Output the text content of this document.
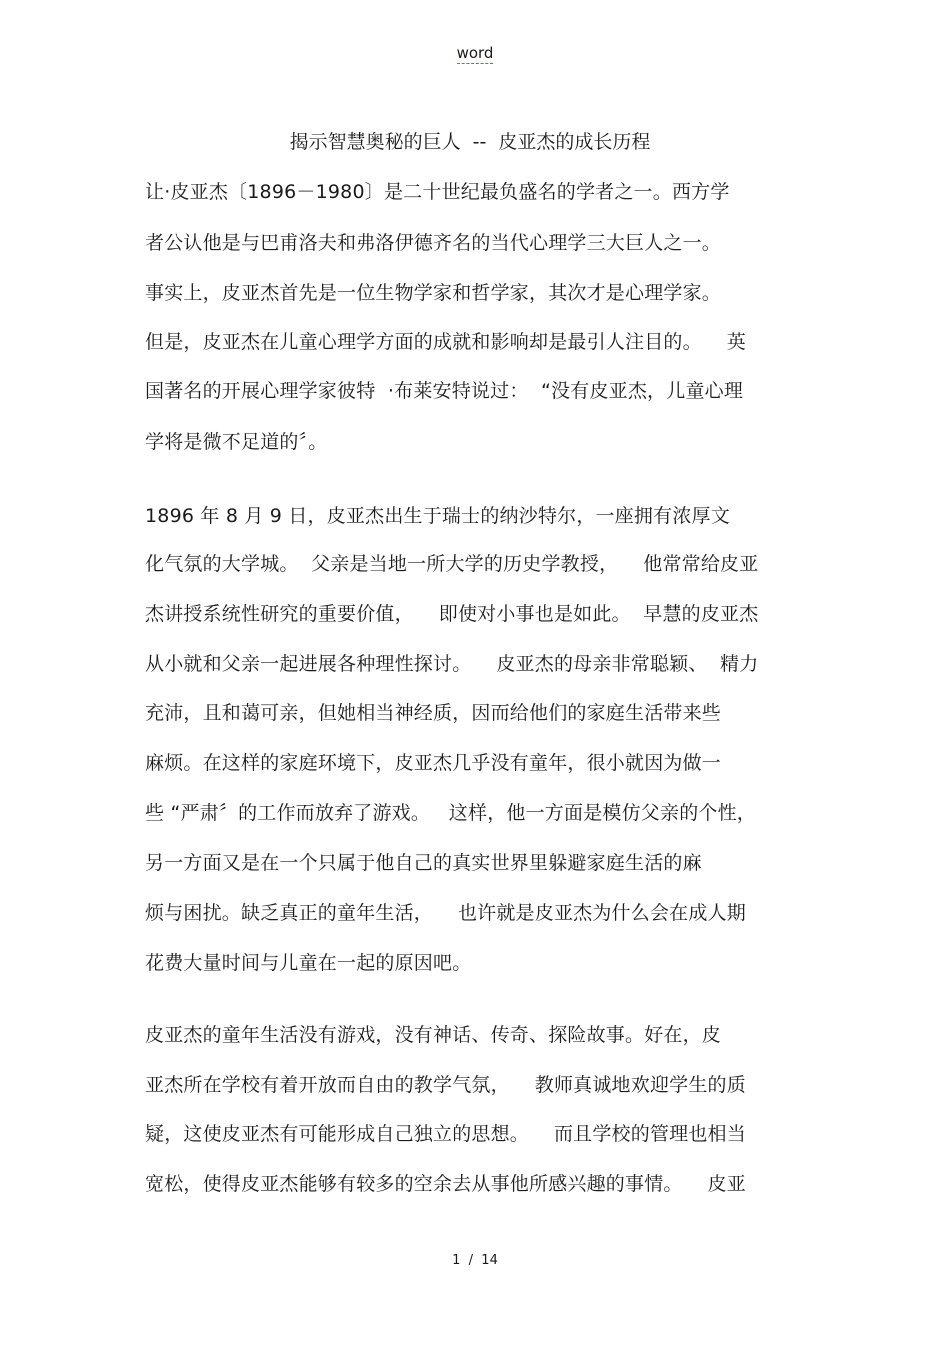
word
揭示智慧奥秘的巨人  --  皮亚杰的成长历程
让·皮亚杰〔1896－1980〕是二十世纪最负盛名的学者之一。西方学
者公认他是与巴甫洛夫和弗洛伊德齐名的当代心理学三大巨人之一。
事实上，皮亚杰首先是一位生物学家和哲学家，其次才是心理学家。
但是，皮亚杰在儿童心理学方面的成就和影响却是最引人注目的。    英
国著名的开展心理学家彼特  ·布莱安特说过：  “没有皮亚杰，儿童心理
学将是微不足道的〞。
1896 年 8 月 9 日，皮亚杰出生于瑞士的纳沙特尔，一座拥有浓厚文
化气氛的大学城。  父亲是当地一所大学的历史学教授，    他常常给皮亚
杰讲授系统性研究的重要价值，    即使对小事也是如此。  早慧的皮亚杰
从小就和父亲一起进展各种理性探讨。    皮亚杰的母亲非常聪颖、  精力
充沛，且和蔼可亲，但她相当神经质，因而给他们的家庭生活带来些
麻烦。在这样的家庭环境下，皮亚杰几乎没有童年，很小就因为做一
些 “严肃〞的工作而放弃了游戏。   这样，他一方面是模仿父亲的个性，
另一方面又是在一个只属于他自己的真实世界里躲避家庭生活的麻
烦与困扰。缺乏真正的童年生活，    也许就是皮亚杰为什么会在成人期
花费大量时间与儿童在一起的原因吧。
皮亚杰的童年生活没有游戏，没有神话、传奇、探险故事。好在，皮
亚杰所在学校有着开放而自由的教学气氛，    教师真诚地欢迎学生的质
疑，这使皮亚杰有可能形成自己独立的思想。    而且学校的管理也相当
宽松，使得皮亚杰能够有较多的空余去从事他所感兴趣的事情。    皮亚
1  /  14
